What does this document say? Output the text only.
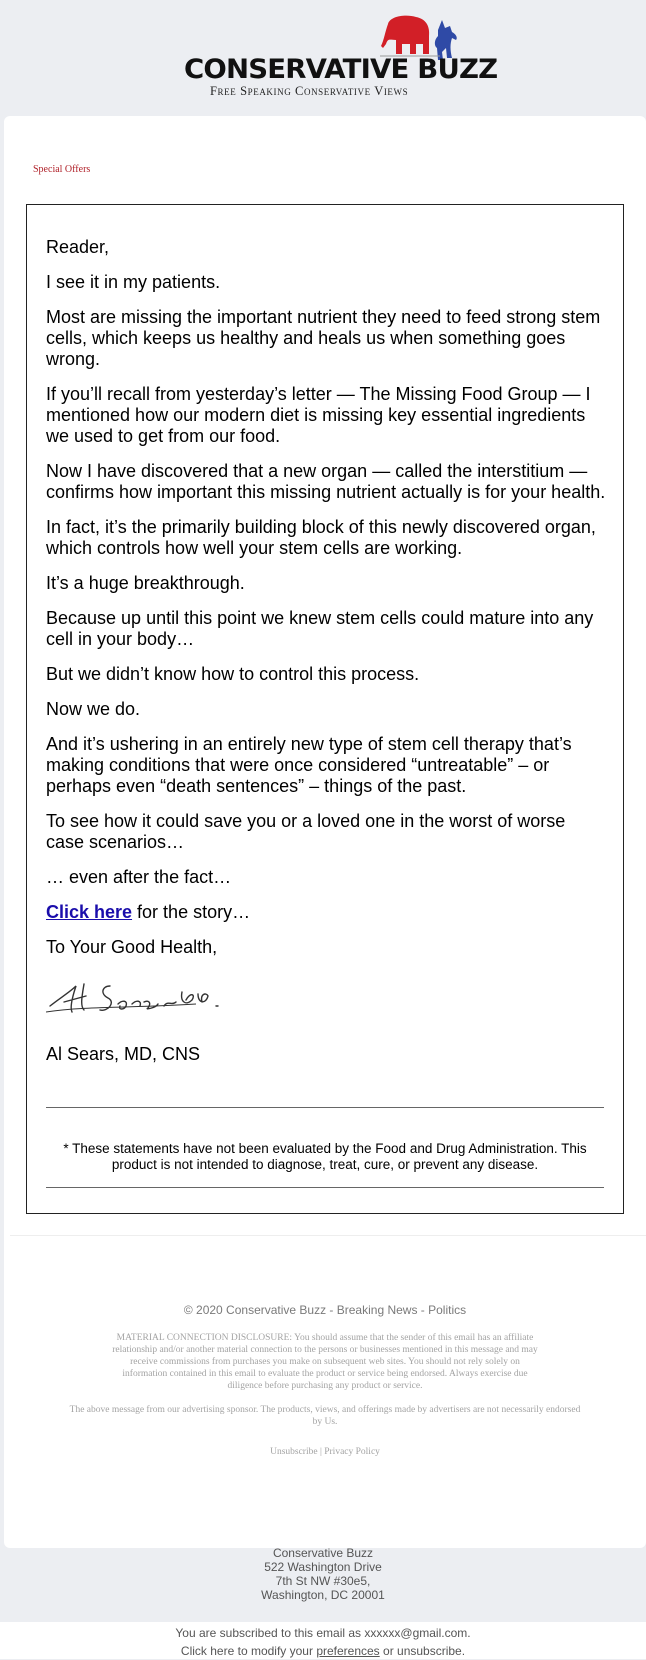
CONSERVATIVE BUZZ
Free Speaking Conservative Views
Special Offers

Reader,

I see it in my patients.

Most are missing the important nutrient they need to feed strong stem cells, which keeps us healthy and heals us when something goes wrong.

If you’ll recall from yesterday’s letter — The Missing Food Group — I mentioned how our modern diet is missing key essential ingredients we used to get from our food.

Now I have discovered that a new organ — called the interstitium — confirms how important this missing nutrient actually is for your health.

In fact, it’s the primarily building block of this newly discovered organ, which controls how well your stem cells are working.

It’s a huge breakthrough.

Because up until this point we knew stem cells could mature into any cell in your body…

But we didn’t know how to control this process.

Now we do.

And it’s ushering in an entirely new type of stem cell therapy that’s making conditions that were once considered “untreatable” – or perhaps even “death sentences” – things of the past.

To see how it could save you or a loved one in the worst of worse case scenarios…

… even after the fact…

Click here for the story…

To Your Good Health,

Al Sears, MD, CNS

* These statements have not been evaluated by the Food and Drug Administration. This product is not intended to diagnose, treat, cure, or prevent any disease.
© 2020 Conservative Buzz - Breaking News - Politics
MATERIAL CONNECTION DISCLOSURE: You should assume that the sender of this email has an affiliate relationship and/or another material connection to the persons or businesses mentioned in this message and may receive commissions from purchases you make on subsequent web sites. You should not rely solely on information contained in this email to evaluate the product or service being endorsed. Always exercise due diligence before purchasing any product or service.
The above message from our advertising sponsor. The products, views, and offerings made by advertisers are not necessarily endorsed by Us.
Unsubscribe | Privacy Policy
Conservative Buzz
522 Washington Drive
7th St NW #30e5,
Washington, DC 20001
You are subscribed to this email as xxxxxx@gmail.com.
Click here to modify your preferences or unsubscribe.
